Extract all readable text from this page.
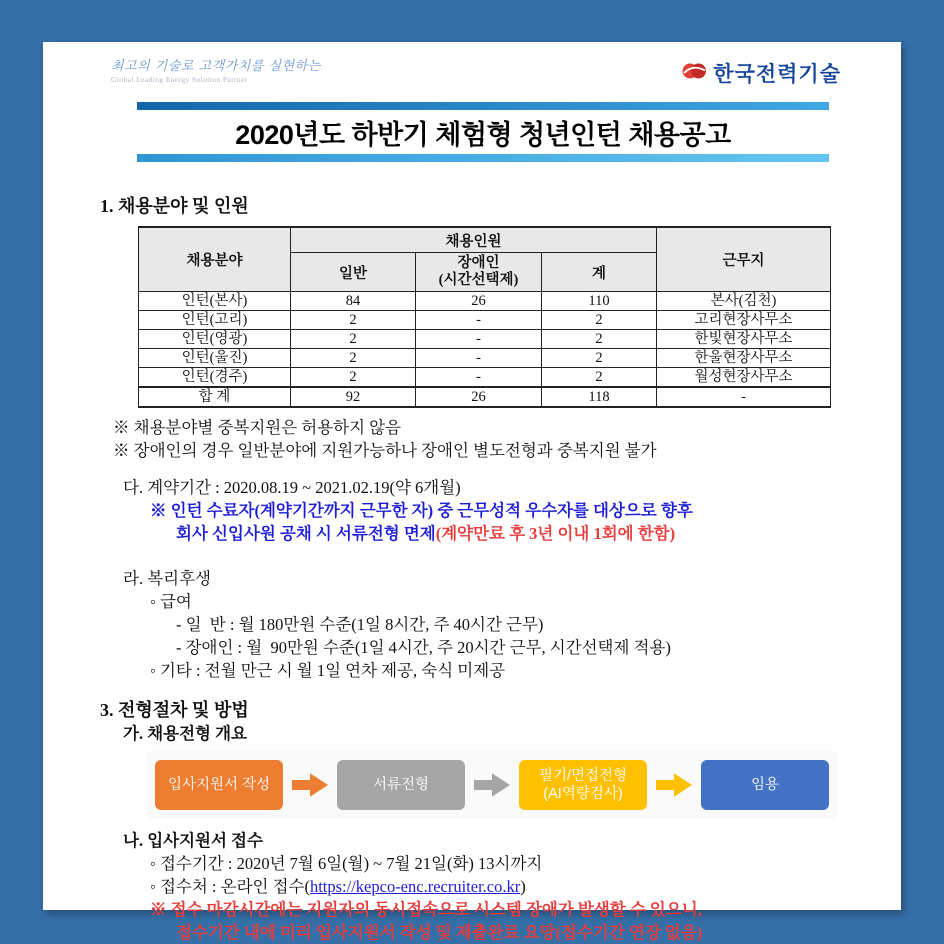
최고의 기술로 고객가치를 실현하는
Global Leading Energy Solution Partner	한국전력기술
2020년도 하반기 체험형 청년인턴 채용공고
1. 채용분야 및 인원
채용분야	채용인원			근무지
	일반	장애인
(시간선택제)	계	
인턴(본사)	84	26	110	본사(김천)
인턴(고리)	2	-	2	고리현장사무소
인턴(영광)	2	-	2	한빛현장사무소
인턴(울진)	2	-	2	한울현장사무소
인턴(경주)	2	-	2	월성현장사무소
합 계	92	26	118	-
※ 채용분야별 중복지원은 허용하지 않음
※ 장애인의 경우 일반분야에 지원가능하나 장애인 별도전형과 중복지원 불가
다. 계약기간 : 2020.08.19 ~ 2021.02.19(약 6개월)
※ 인턴 수료자(계약기간까지 근무한 자) 중 근무성적 우수자를 대상으로 향후
회사 신입사원 공채 시 서류전형 면제(계약만료 후 3년 이내 1회에 한함)
라. 복리후생
◦ 급여
- 일  반 : 월 180만원 수준(1일 8시간, 주 40시간 근무)
- 장애인 : 월  90만원 수준(1일 4시간, 주 20시간 근무, 시간선택제 적용)
◦ 기타 : 전월 만근 시 월 1일 연차 제공, 숙식 미제공
3. 전형절차 및 방법
가. 채용전형 개요
입사지원서 작성	서류전형
필기/면접전형
(AI역량검사)
임용
나. 입사지원서 접수
◦ 접수기간 : 2020년 7월 6일(월) ~ 7월 21일(화) 13시까지
◦ 접수처 : 온라인 접수(https://kepco-enc.recruiter.co.kr)
※ 접수 마감시간에는 지원자의 동시접속으로 시스템 장애가 발생할 수 있으니,
접수기간 내에 미리 입사지원서 작성 및 제출완료 요망(접수기간 연장 없음)
